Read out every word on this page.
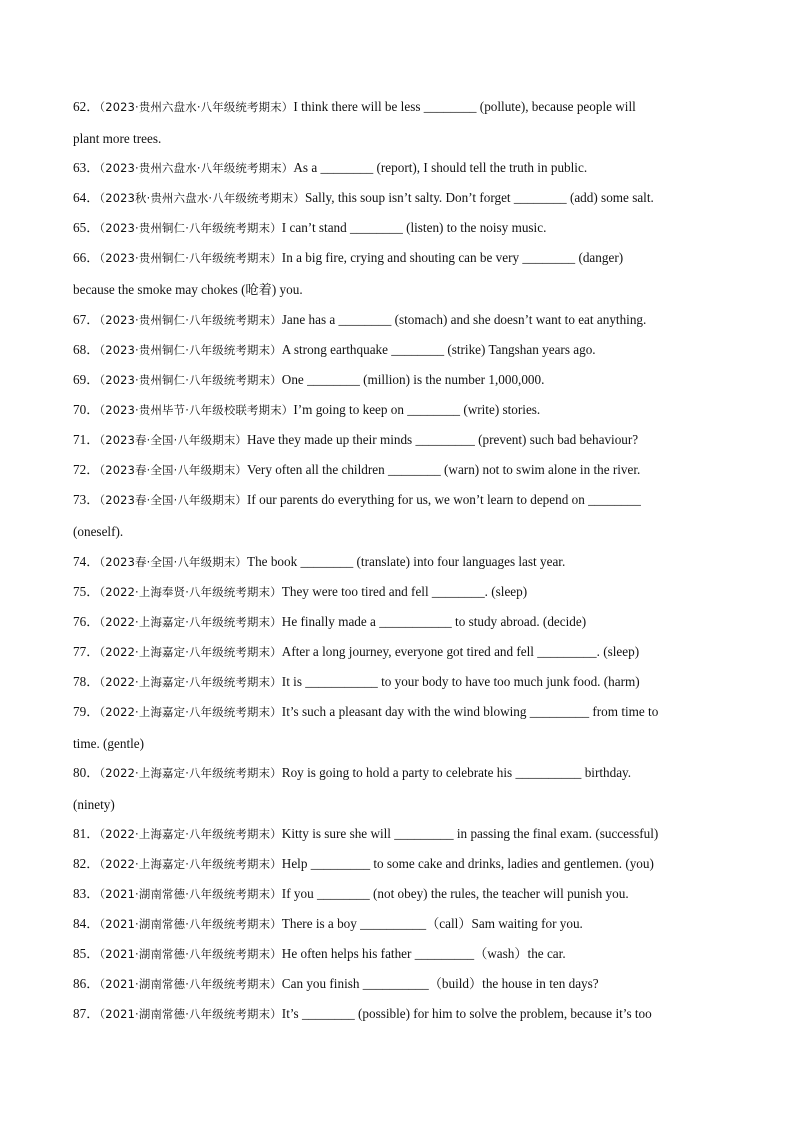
62．（2023·贵州六盘水·八年级统考期末）I think there will be less ________ (pollute), because people will
plant more trees.
63．（2023·贵州六盘水·八年级统考期末）As a ________ (report), I should tell the truth in public.
64．（2023秋·贵州六盘水·八年级统考期末）Sally, this soup isn’t salty. Don’t forget ________ (add) some salt.
65．（2023·贵州铜仁·八年级统考期末）I can’t stand ________ (listen) to the noisy music.
66．（2023·贵州铜仁·八年级统考期末）In a big fire, crying and shouting can be very ________ (danger)
because the smoke may chokes (呛着) you.
67．（2023·贵州铜仁·八年级统考期末）Jane has a ________ (stomach) and she doesn’t want to eat anything.
68．（2023·贵州铜仁·八年级统考期末）A strong earthquake ________ (strike) Tangshan years ago.
69．（2023·贵州铜仁·八年级统考期末）One ________ (million) is the number 1,000,000.
70．（2023·贵州毕节·八年级校联考期末）I’m going to keep on ________ (write) stories.
71．（2023春·全国·八年级期末）Have they made up their minds _________ (prevent) such bad behaviour?
72．（2023春·全国·八年级期末）Very often all the children ________ (warn) not to swim alone in the river.
73．（2023春·全国·八年级期末）If our parents do everything for us, we won’t learn to depend on ________
(oneself).
74．（2023春·全国·八年级期末）The book ________ (translate) into four languages last year.
75．（2022·上海奉贤·八年级统考期末）They were too tired and fell ________. (sleep)
76．（2022·上海嘉定·八年级统考期末）He finally made a ___________ to study abroad. (decide)
77．（2022·上海嘉定·八年级统考期末）After a long journey, everyone got tired and fell _________. (sleep)
78．（2022·上海嘉定·八年级统考期末）It is ___________ to your body to have too much junk food. (harm)
79．（2022·上海嘉定·八年级统考期末）It’s such a pleasant day with the wind blowing _________ from time to
time. (gentle)
80．（2022·上海嘉定·八年级统考期末）Roy is going to hold a party to celebrate his __________ birthday.
(ninety)
81．（2022·上海嘉定·八年级统考期末）Kitty is sure she will _________ in passing the final exam. (successful)
82．（2022·上海嘉定·八年级统考期末）Help _________ to some cake and drinks, ladies and gentlemen. (you)
83．（2021·湖南常德·八年级统考期末）If you ________ (not obey) the rules, the teacher will punish you.
84．（2021·湖南常德·八年级统考期末）There is a boy __________（call）Sam waiting for you.
85．（2021·湖南常德·八年级统考期末）He often helps his father _________（wash）the car.
86．（2021·湖南常德·八年级统考期末）Can you finish __________（build）the house in ten days?
87．（2021·湖南常德·八年级统考期末）It’s ________ (possible) for him to solve the problem, because it’s too
